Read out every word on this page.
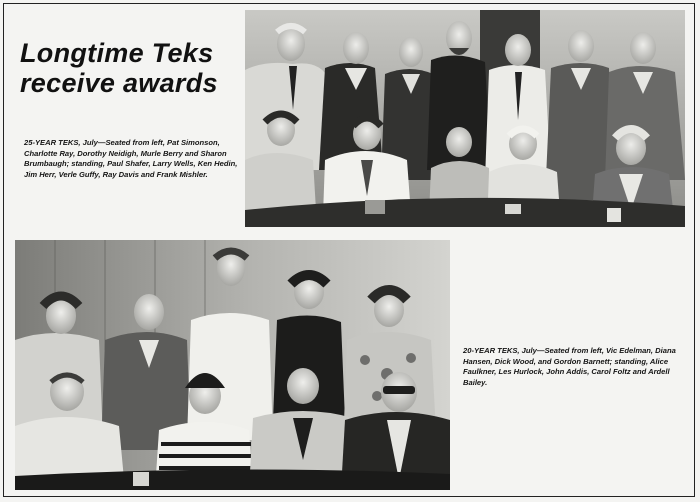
Longtime Teks receive awards

25-YEAR TEKS, July—Seated from left, Pat Simonson, Charlotte Ray, Dorothy Neidigh, Murle Berry and Sharon Brumbaugh; standing, Paul Shafer, Larry Wells, Ken Hedin, Jim Herr, Verle Guffy, Ray Davis and Frank Mishler.

20-YEAR TEKS, July—Seated from left, Vic Edelman, Diana Hansen, Dick Wood, and Gordon Barnett; standing, Alice Faulkner, Les Hurlock, John Addis, Carol Foltz and Ardell Bailey.
